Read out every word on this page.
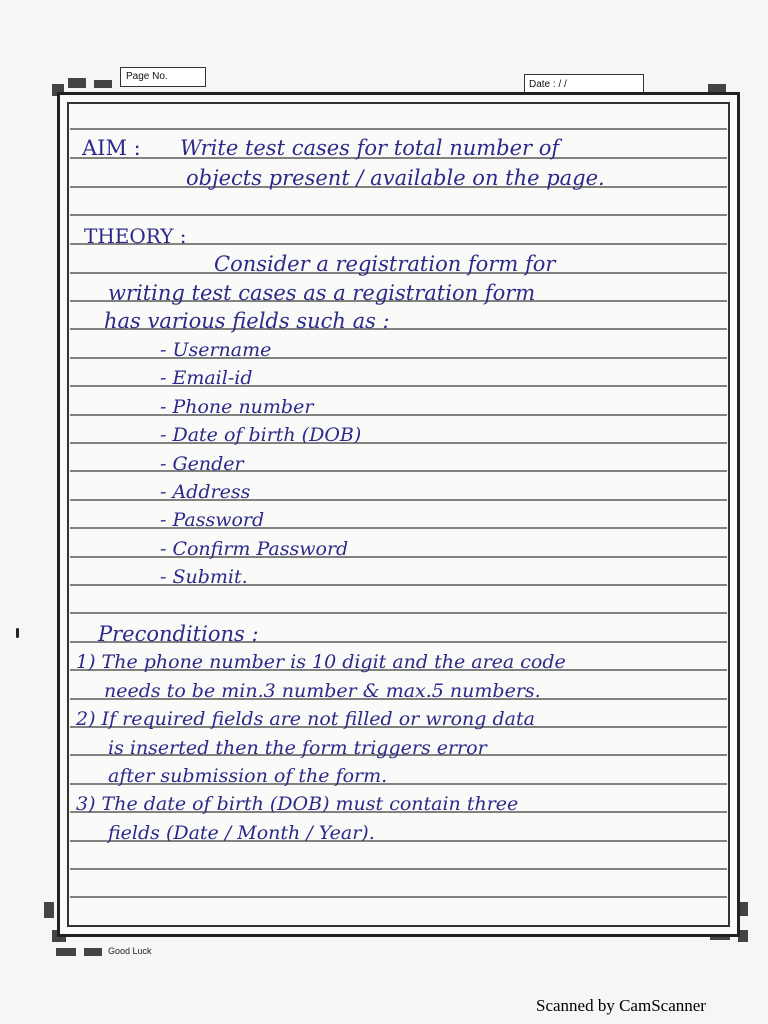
Page No.
Date : / /

AIM : Write test cases for total number of

objects present / available on the page.

THEORY :

Consider a registration form for

writing test cases as a registration form

has various fields such as :

- Username

- Email-id

- Phone number

- Date of birth (DOB)

- Gender

- Address

- Password

- Confirm Password

- Submit.

Preconditions :

1) The phone number is 10 digit and the area code

needs to be min.3 number & max.5 numbers.

2) If required fields are not filled or wrong data

is inserted then the form triggers error

after submission of the form.

3) The date of birth (DOB) must contain three

fields (Date / Month / Year).

Good Luck
Scanned by CamScanner
